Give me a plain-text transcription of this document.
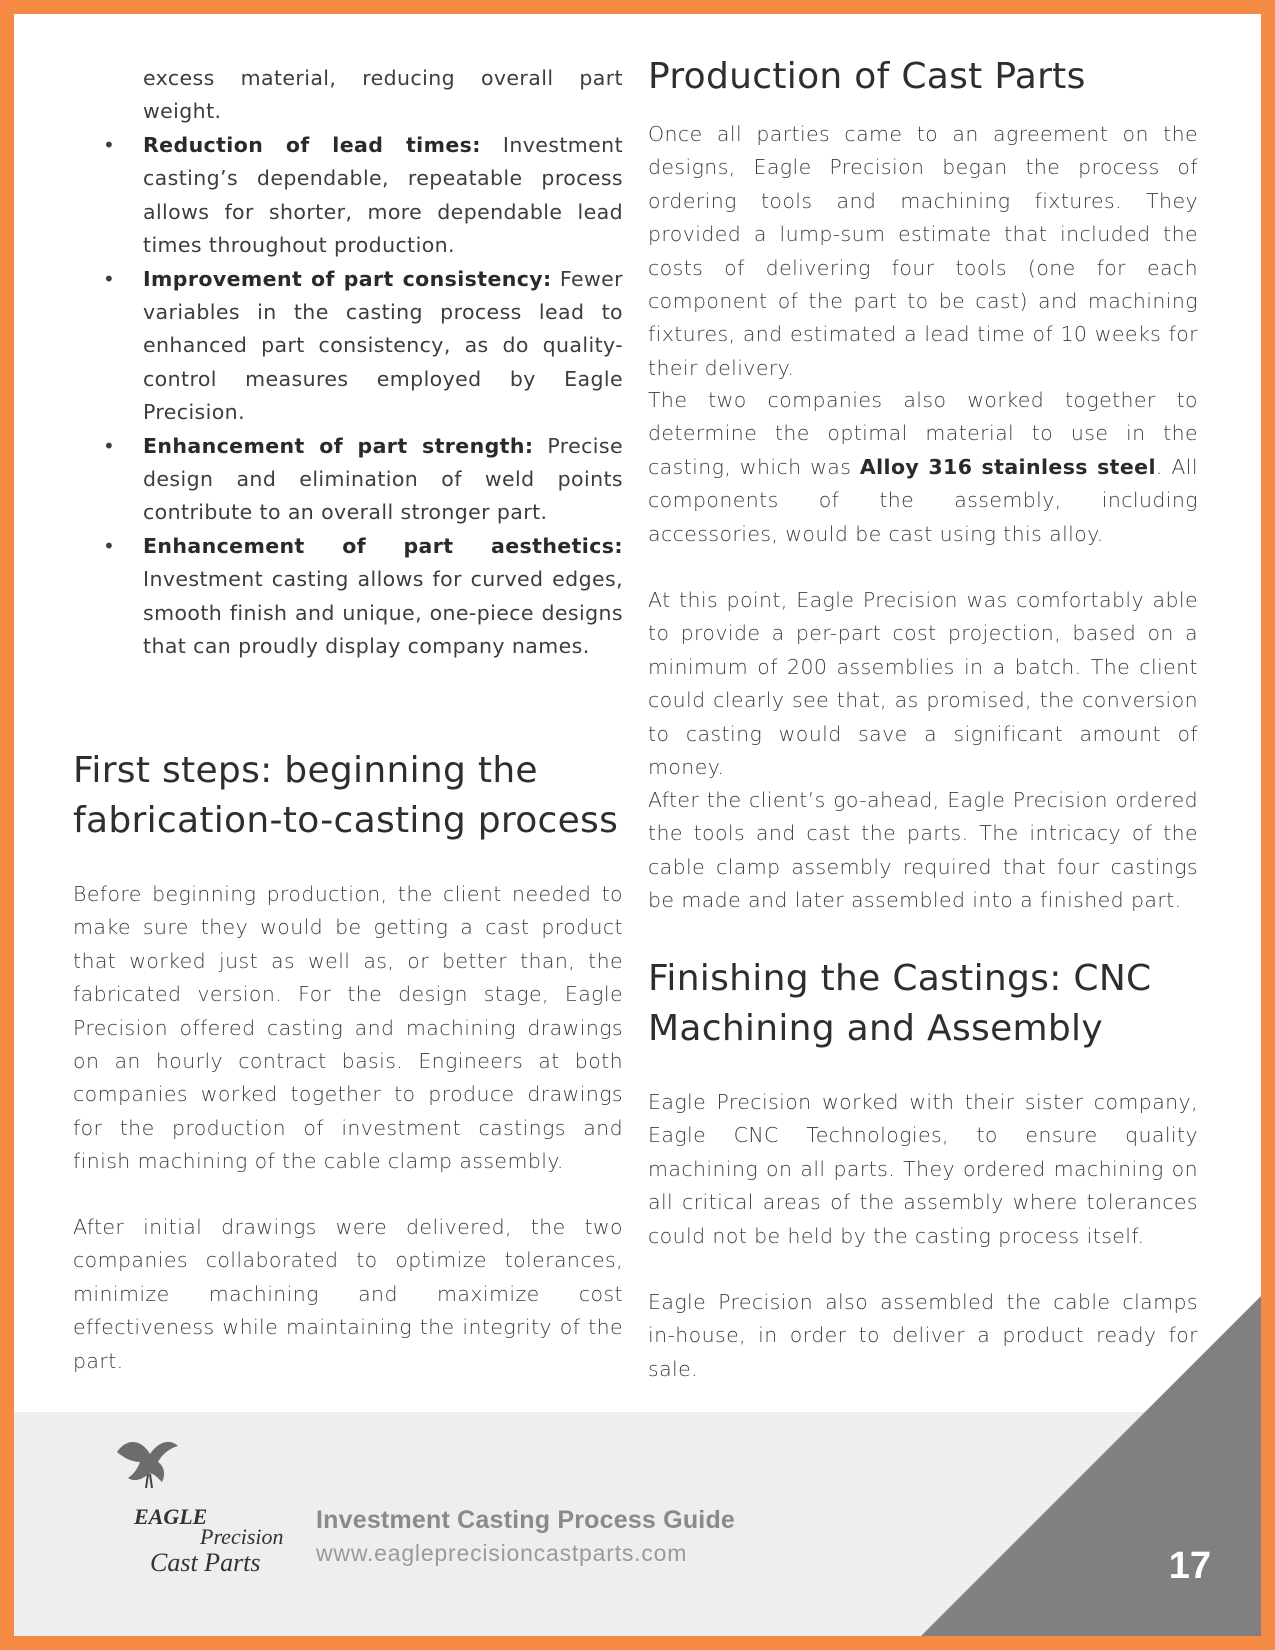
excess material, reducing overall part weight.
• Reduction of lead times: Investment casting’s dependable, repeatable process allows for shorter, more dependable lead times throughout production.
• Improvement of part consistency: Fewer variables in the casting process lead to enhanced part consistency, as do quality-control measures employed by Eagle Precision.
• Enhancement of part strength: Precise design and elimination of weld points contribute to an overall stronger part.
• Enhancement of part aesthetics: Investment casting allows for curved edges, smooth finish and unique, one-piece designs that can proudly display company names.
First steps: beginning the
fabrication-to-casting process

Before beginning production, the client needed to make sure they would be getting a cast product that worked just as well as, or better than, the fabricated version. For the design stage, Eagle Precision offered casting and machining drawings on an hourly contract basis. Engineers at both companies worked together to produce drawings for the production of investment castings and finish machining of the cable clamp assembly.

After initial drawings were delivered, the two companies collaborated to optimize tolerances, minimize machining and maximize cost effectiveness while maintaining the integrity of the part.

Production of Cast Parts

Once all parties came to an agreement on the designs, Eagle Precision began the process of ordering tools and machining fixtures. They provided a lump-sum estimate that included the costs of delivering four tools (one for each component of the part to be cast) and machining fixtures, and estimated a lead time of 10 weeks for their delivery.

The two companies also worked together to determine the optimal material to use in the casting, which was Alloy 316 stainless steel. All components of the assembly, including accessories, would be cast using this alloy.

At this point, Eagle Precision was comfortably able to provide a per-part cost projection, based on a minimum of 200 assemblies in a batch. The client could clearly see that, as promised, the conversion to casting would save a significant amount of money.

After the client’s go-ahead, Eagle Precision ordered the tools and cast the parts. The intricacy of the cable clamp assembly required that four castings be made and later assembled into a finished part.

Finishing the Castings: CNC
Machining and Assembly

Eagle Precision worked with their sister company, Eagle CNC Technologies, to ensure quality machining on all parts. They ordered machining on all critical areas of the assembly where tolerances could not be held by the casting process itself.

Eagle Precision also assembled the cable clamps in-house, in order to deliver a product ready for sale.

EAGLE
Precision
Cast Parts
Investment Casting Process Guide
www.eagleprecisioncastparts.com	17
